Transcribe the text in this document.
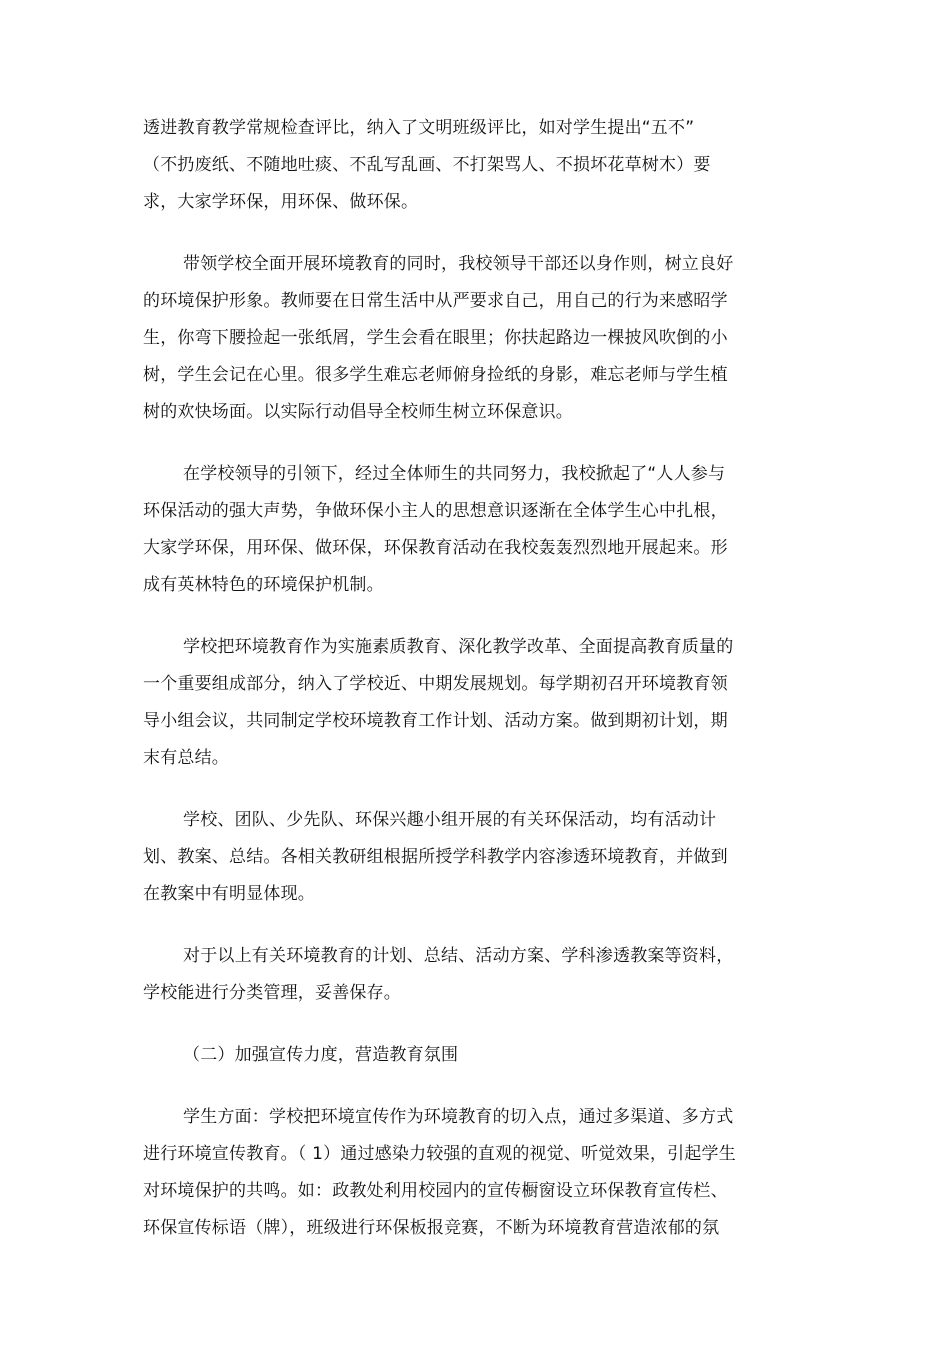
透进教育教学常规检查评比，纳入了文明班级评比，如对学生提出“五不”
（不扔废纸、不随地吐痰、不乱写乱画、不打架骂人、不损坏花草树木）要
求，大家学环保，用环保、做环保。
带领学校全面开展环境教育的同时，我校领导干部还以身作则，树立良好
的环境保护形象。教师要在日常生活中从严要求自己，用自己的行为来感昭学
生，你弯下腰捡起一张纸屑，学生会看在眼里；你扶起路边一棵披风吹倒的小
树，学生会记在心里。很多学生难忘老师俯身捡纸的身影，难忘老师与学生植
树的欢快场面。以实际行动倡导全校师生树立环保意识。
在学校领导的引领下，经过全体师生的共同努力，我校掀起了“人人参与
环保活动的强大声势，争做环保小主人的思想意识逐渐在全体学生心中扎根，
大家学环保，用环保、做环保，环保教育活动在我校轰轰烈烈地开展起来。形
成有英林特色的环境保护机制。
学校把环境教育作为实施素质教育、深化教学改革、全面提高教育质量的
一个重要组成部分，纳入了学校近、中期发展规划。每学期初召开环境教育领
导小组会议，共同制定学校环境教育工作计划、活动方案。做到期初计划，期
末有总结。
学校、团队、少先队、环保兴趣小组开展的有关环保活动，均有活动计
划、教案、总结。各相关教研组根据所授学科教学内容渗透环境教育，并做到
在教案中有明显体现。
对于以上有关环境教育的计划、总结、活动方案、学科渗透教案等资料，
学校能进行分类管理，妥善保存。
（二）加强宣传力度，营造教育氛围
学生方面：学校把环境宣传作为环境教育的切入点，通过多渠道、多方式
进行环境宣传教育。（ 1）通过感染力较强的直观的视觉、听觉效果，引起学生
对环境保护的共鸣。如：政教处利用校园内的宣传橱窗设立环保教育宣传栏、
环保宣传标语（牌），班级进行环保板报竞赛，不断为环境教育营造浓郁的氛
